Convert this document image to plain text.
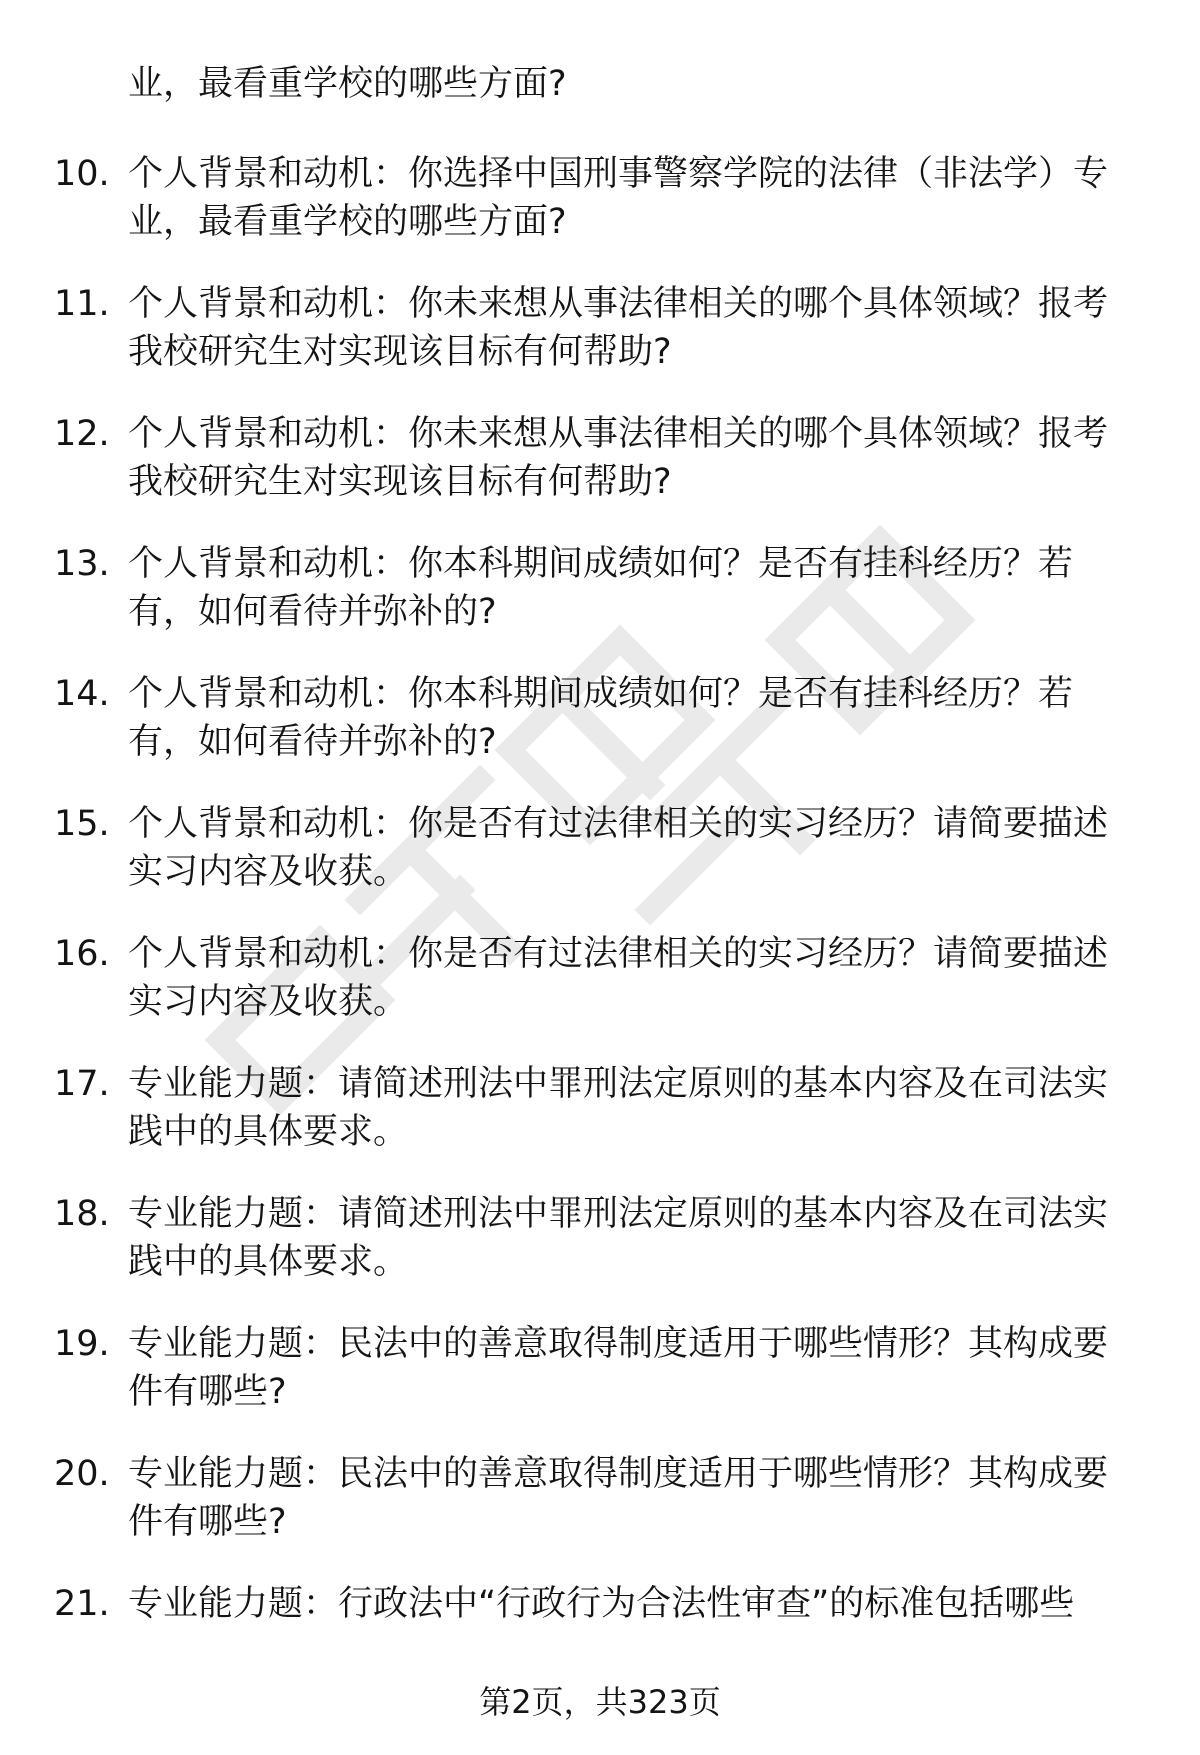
业，最看重学校的哪些方面?

10. 个人背景和动机：你选择中国刑事警察学院的法律（非法学）专业，最看重学校的哪些方面?
11. 个人背景和动机：你未来想从事法律相关的哪个具体领域？报考我校研究生对实现该目标有何帮助?
12. 个人背景和动机：你未来想从事法律相关的哪个具体领域？报考我校研究生对实现该目标有何帮助?
13. 个人背景和动机：你本科期间成绩如何？是否有挂科经历？若有，如何看待并弥补的?
14. 个人背景和动机：你本科期间成绩如何？是否有挂科经历？若有，如何看待并弥补的?
15. 个人背景和动机：你是否有过法律相关的实习经历？请简要描述实习内容及收获。
16. 个人背景和动机：你是否有过法律相关的实习经历？请简要描述实习内容及收获。
17. 专业能力题：请简述刑法中罪刑法定原则的基本内容及在司法实践中的具体要求。
18. 专业能力题：请简述刑法中罪刑法定原则的基本内容及在司法实践中的具体要求。
19. 专业能力题：民法中的善意取得制度适用于哪些情形？其构成要件有哪些?
20. 专业能力题：民法中的善意取得制度适用于哪些情形？其构成要件有哪些?
21. 专业能力题：行政法中“行政行为合法性审查”的标准包括哪些
第2页，共323页
